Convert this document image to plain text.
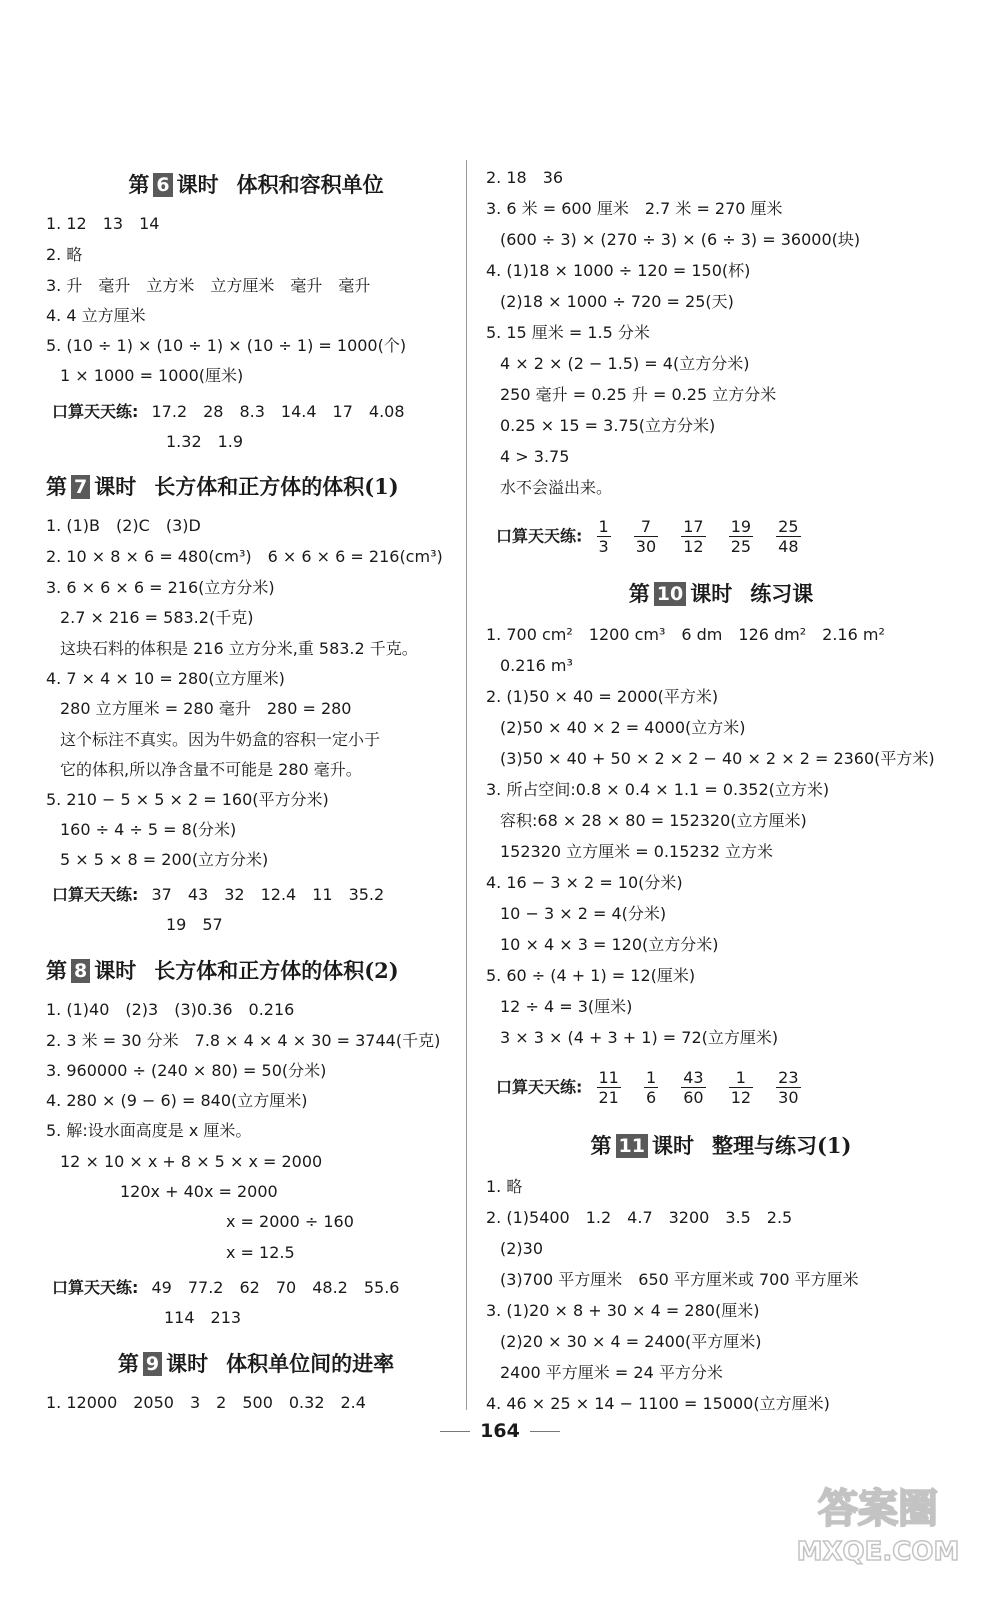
第 6 课时 体积和容积单位
1. 12　13　14
2. 略
3. 升　毫升　立方米　立方厘米　毫升　毫升
4. 4 立方厘米
5. (10 ÷ 1) × (10 ÷ 1) × (10 ÷ 1) = 1000(个)
1 × 1000 = 1000(厘米)
口算天天练: 17.2　28　8.3　14.4　17　4.08
1.32　1.9
第 7 课时 长方体和正方体的体积(1)
1. (1)B　(2)C　(3)D
2. 10 × 8 × 6 = 480(cm³)　6 × 6 × 6 = 216(cm³)
3. 6 × 6 × 6 = 216(立方分米)
2.7 × 216 = 583.2(千克)
这块石料的体积是 216 立方分米,重 583.2 千克。
4. 7 × 4 × 10 = 280(立方厘米)
280 立方厘米 = 280 毫升　280 = 280
这个标注不真实。因为牛奶盒的容积一定小于
它的体积,所以净含量不可能是 280 毫升。
5. 210 − 5 × 5 × 2 = 160(平方分米)
160 ÷ 4 ÷ 5 = 8(分米)
5 × 5 × 8 = 200(立方分米)
口算天天练: 37　43　32　12.4　11　35.2
19　57
第 8 课时 长方体和正方体的体积(2)
1. (1)40　(2)3　(3)0.36　0.216
2. 3 米 = 30 分米　7.8 × 4 × 4 × 30 = 3744(千克)
3. 960000 ÷ (240 × 80) = 50(分米)
4. 280 × (9 − 6) = 840(立方厘米)
5. 解:设水面高度是 x 厘米。
12 × 10 × x + 8 × 5 × x = 2000
120x + 40x = 2000
x = 2000 ÷ 160
x = 12.5
口算天天练: 49　77.2　62　70　48.2　55.6
114　213
第 9 课时 体积单位间的进率
1. 12000　2050　3　2　500　0.32　2.4
2. 18　36
3. 6 米 = 600 厘米　2.7 米 = 270 厘米
(600 ÷ 3) × (270 ÷ 3) × (6 ÷ 3) = 36000(块)
4. (1)18 × 1000 ÷ 120 = 150(杯)
(2)18 × 1000 ÷ 720 = 25(天)
5. 15 厘米 = 1.5 分米
4 × 2 × (2 − 1.5) = 4(立方分米)
250 毫升 = 0.25 升 = 0.25 立方分米
0.25 × 15 = 3.75(立方分米)
4 > 3.75
水不会溢出来。
口算天天练: $\frac{1}{3}$
$\frac{7}{30}$
$\frac{17}{12}$
$\frac{19}{25}$
$\frac{25}{48}$
第 10 课时 练习课
1. 700 cm²　1200 cm³　6 dm　126 dm²　2.16 m²
0.216 m³
2. (1)50 × 40 = 2000(平方米)
(2)50 × 40 × 2 = 4000(立方米)
(3)50 × 40 + 50 × 2 × 2 − 40 × 2 × 2 = 2360(平方米)
3. 所占空间:0.8 × 0.4 × 1.1 = 0.352(立方米)
容积:68 × 28 × 80 = 152320(立方厘米)
152320 立方厘米 = 0.15232 立方米
4. 16 − 3 × 2 = 10(分米)
10 − 3 × 2 = 4(分米)
10 × 4 × 3 = 120(立方分米)
5. 60 ÷ (4 + 1) = 12(厘米)
12 ÷ 4 = 3(厘米)
3 × 3 × (4 + 3 + 1) = 72(立方厘米)
口算天天练: $\frac{11}{21}$
$\frac{1}{6}$
$\frac{43}{60}$
$\frac{1}{12}$
$\frac{23}{30}$
第 11 课时 整理与练习(1)
1. 略
2. (1)5400　1.2　4.7　3200　3.5　2.5
(2)30
(3)700 平方厘米　650 平方厘米或 700 平方厘米
3. (1)20 × 8 + 30 × 4 = 280(厘米)
(2)20 × 30 × 4 = 2400(平方厘米)
2400 平方厘米 = 24 平方分米
4. 46 × 25 × 14 − 1100 = 15000(立方厘米)
164
答案圈
MXQE.COM
